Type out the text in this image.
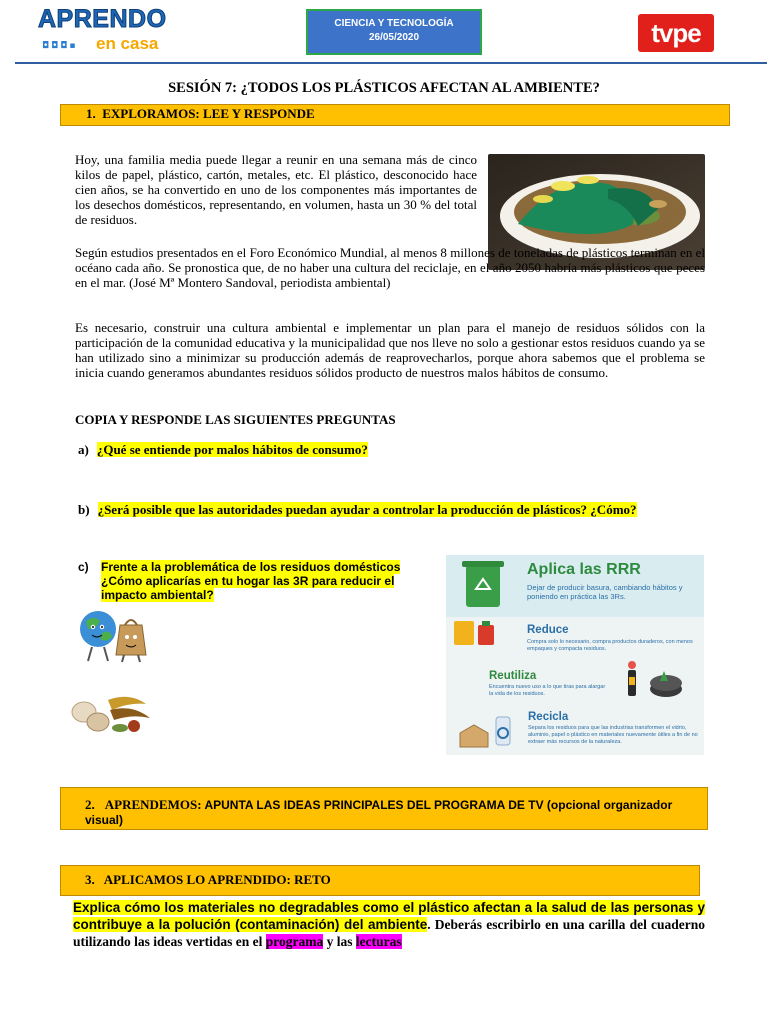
APRENDO
◘◘◘▪ en casa
CIENCIA Y TECNOLOGÍA
26/05/2020	tvpe
SESIÓN 7: ¿TODOS LOS PLÁSTICOS AFECTAN AL AMBIENTE?
1. EXPLORAMOS: LEE Y RESPONDE
Hoy, una familia media puede llegar a reunir en una semana más de cinco kilos de papel, plástico, cartón, metales, etc. El plástico, desconocido hace cien años, se ha convertido en uno de los componentes más importantes de los desechos domésticos, representando, en volumen, hasta un 30 % del total de residuos.
Según estudios presentados en el Foro Económico Mundial, al menos 8 millones de toneladas de plásticos terminan en el océano cada año. Se pronostica que, de no haber una cultura del reciclaje, en el año 2050 habría más plásticos que peces en el mar. (José Mª Montero Sandoval, periodista ambiental)
Es necesario, construir una cultura ambiental e implementar un plan para el manejo de residuos sólidos con la participación de la comunidad educativa y la municipalidad que nos lleve no solo a gestionar estos residuos cuando ya se han utilizado sino a minimizar su producción además de reaprovecharlos, porque ahora sabemos que el problema se inicia cuando generamos abundantes residuos sólidos producto de nuestros malos hábitos de consumo.
COPIA Y RESPONDE LAS SIGUIENTES PREGUNTAS
a) ¿Qué se entiende por malos hábitos de consumo?
b) ¿Será posible que las autoridades puedan ayudar a controlar la producción de plásticos? ¿Cómo?
c) Frente a la problemática de los residuos domésticos ¿Cómo aplicarías en tu hogar las 3R para reducir el impacto ambiental?
Aplica las RRR
Dejar de producir basura, cambiando hábitos y poniendo en práctica las 3Rs.
Reduce
Compra solo lo necesario, compra productos duraderos, con menos empaques y compacta residuos.
Reutiliza
Encuentra nuevo uso a lo que tiras para alargar la vida de los residuos.
Recicla
Separa los residuos para que las industrias transformen el vidrio, aluminio, papel o plástico en materiales nuevamente útiles a fin de no extraer más recursos de la naturaleza.
2. APRENDEMOS: APUNTA LAS IDEAS PRINCIPALES DEL PROGRAMA DE TV (opcional organizador visual)
3. APLICAMOS LO APRENDIDO: RETO
Explica cómo los materiales no degradables como el plástico afectan a la salud de las personas y contribuye a la polución (contaminación) del ambiente. Deberás escribirlo en una carilla del cuaderno utilizando las ideas vertidas en el programa y las lecturas
